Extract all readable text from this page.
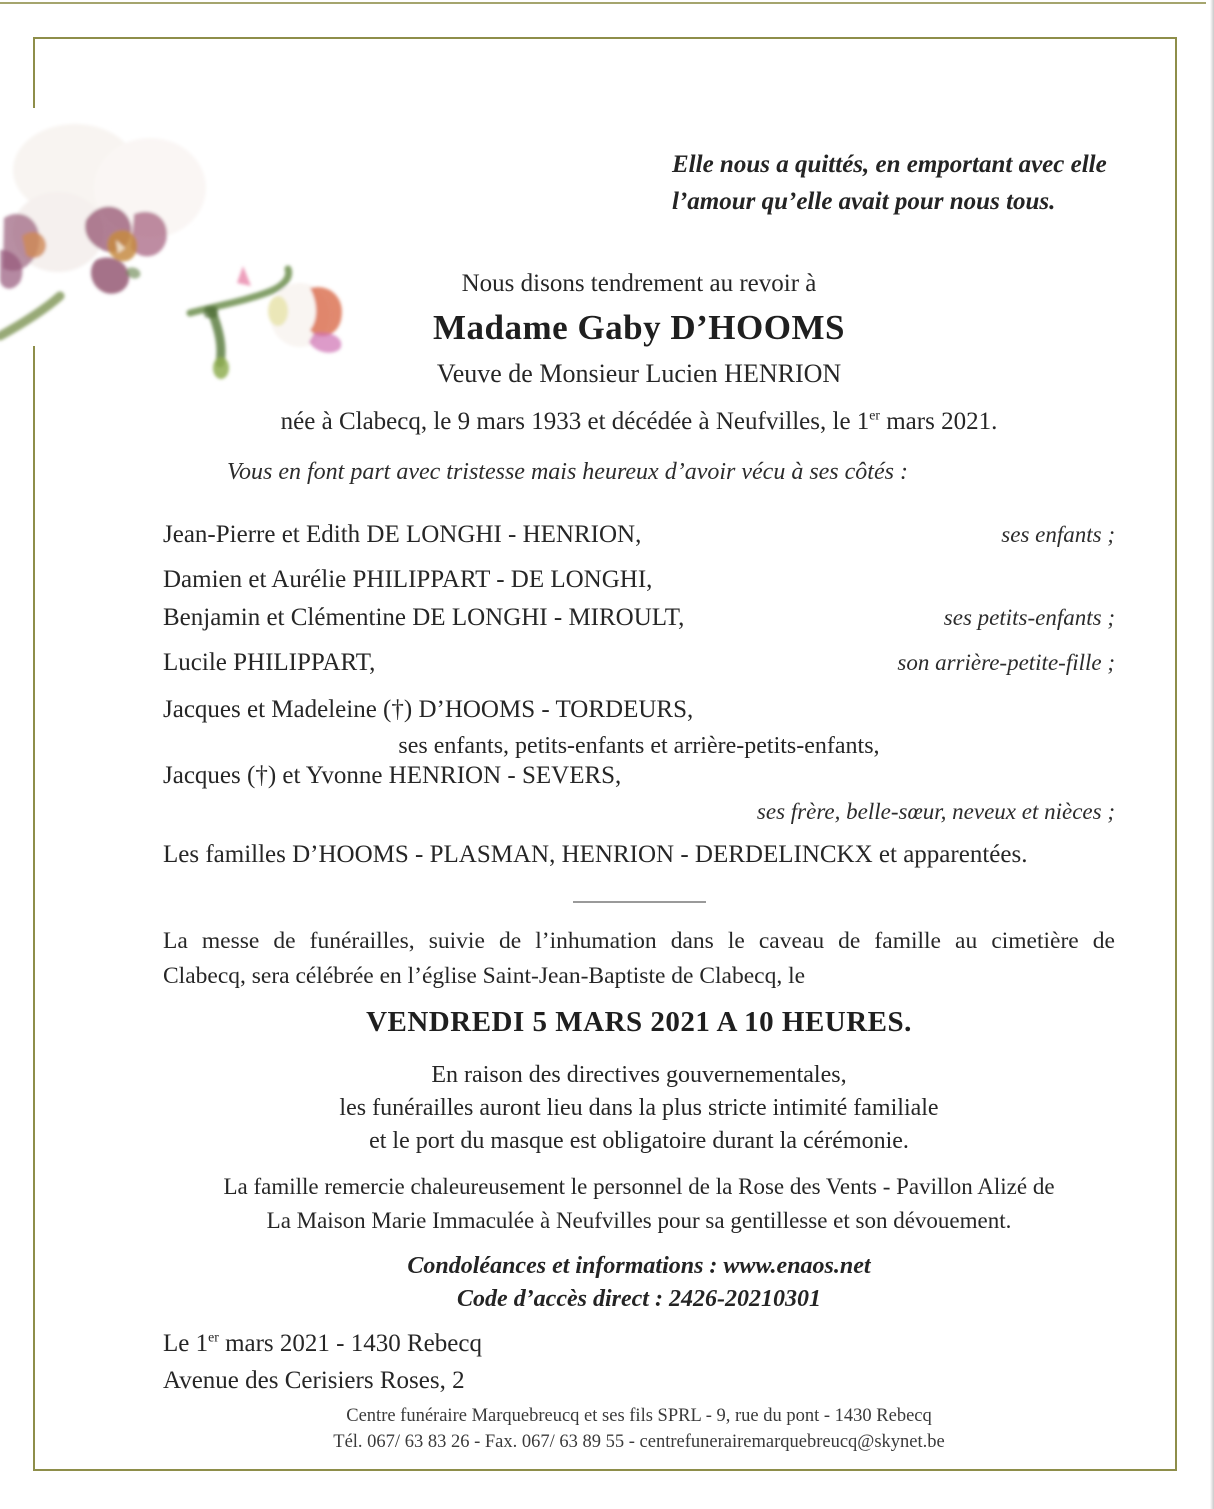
Elle nous a quittés, en emportant avec elle
l’amour qu’elle avait pour nous tous.
Nous disons tendrement au revoir à
Madame Gaby D’HOOMS
Veuve de Monsieur Lucien HENRION
née à Clabecq, le 9 mars 1933 et décédée à Neufvilles, le 1er mars 2021.
Vous en font part avec tristesse mais heureux d’avoir vécu à ses côtés :
Jean-Pierre et Edith DE LONGHI - HENRION,	ses enfants ;
Damien et Aurélie PHILIPPART - DE LONGHI,
Benjamin et Clémentine DE LONGHI - MIROULT,	ses petits-enfants ;
Lucile PHILIPPART,	son arrière-petite-fille ;
Jacques et Madeleine (†) D’HOOMS - TORDEURS,
ses enfants, petits-enfants et arrière-petits-enfants,
Jacques (†) et Yvonne HENRION - SEVERS,
ses frère, belle-sœur, neveux et nièces ;
Les familles D’HOOMS - PLASMAN, HENRION - DERDELINCKX et apparentées.
La messe de funérailles, suivie de l’inhumation dans le caveau de famille au cimetière de
Clabecq, sera célébrée en l’église Saint-Jean-Baptiste de Clabecq, le
VENDREDI 5 MARS 2021 A 10 HEURES.
En raison des directives gouvernementales,
les funérailles auront lieu dans la plus stricte intimité familiale
et le port du masque est obligatoire durant la cérémonie.
La famille remercie chaleureusement le personnel de la Rose des Vents - Pavillon Alizé de
La Maison Marie Immaculée à Neufvilles pour sa gentillesse et son dévouement.
Condoléances et informations : www.enaos.net
Code d’accès direct : 2426-20210301
Le 1er mars 2021 - 1430 Rebecq
Avenue des Cerisiers Roses, 2
Centre funéraire Marquebreucq et ses fils SPRL - 9, rue du pont - 1430 Rebecq
Tél. 067/ 63 83 26 - Fax. 067/ 63 89 55 - centrefunerairemarquebreucq@skynet.be
